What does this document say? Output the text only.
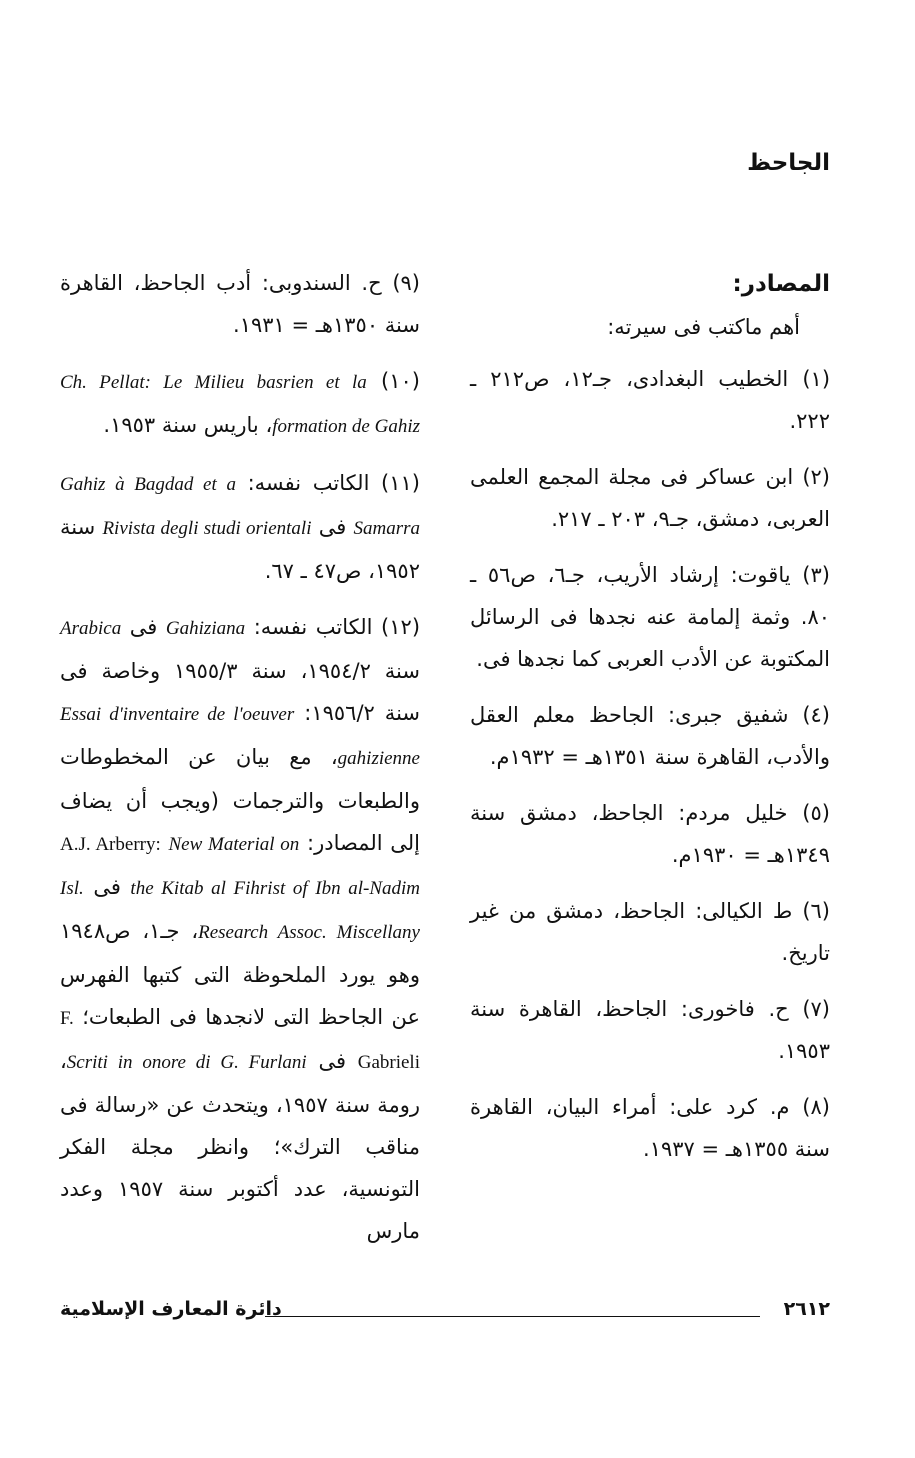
الجاحظ

المصادر:

أهم ماكتب فى سيرته:

(١) الخطيب البغدادى، جـ١٢، ص٢١٢ ـ ٢٢٢.

(٢) ابن عساكر فى مجلة المجمع العلمى العربى، دمشق، جـ٩، ٢٠٣ ـ ٢١٧.

(٣) ياقوت: إرشاد الأريب، جـ٦، ص٥٦ ـ ٨٠. وثمة إلمامة عنه نجدها فى الرسائل المكتوبة عن الأدب العربى كما نجدها فى.

(٤) شفيق جبرى: الجاحظ معلم العقل والأدب، القاهرة سنة ١٣٥١هـ = ١٩٣٢م.

(٥) خليل مردم: الجاحظ، دمشق سنة ١٣٤٩هـ = ١٩٣٠م.

(٦) ط الكيالى: الجاحظ، دمشق من غير تاريخ.

(٧) ح. فاخورى: الجاحظ، القاهرة سنة ١٩٥٣.

(٨) م. كرد على: أمراء البيان، القاهرة سنة ١٣٥٥هـ = ١٩٣٧.

(٩) ح. السندوبى: أدب الجاحظ، القاهرة سنة ١٣٥٠هـ = ١٩٣١.

(١٠) Ch. Pellat: Le Milieu basrien et la formation de Gahiz، باريس سنة ١٩٥٣.

(١١) الكاتب نفسه: Gahiz à Bagdad et a Samarra فى Rivista degli studi orientali سنة ١٩٥٢، ص٤٧ ـ ٦٧.

(١٢) الكاتب نفسه: Gahiziana فى Arabica سنة ١٩٥٤/٢، سنة ١٩٥٥/٣ وخاصة فى سنة ١٩٥٦/٢: Essai d'inventaire de l'oeuver gahizienne، مع بيان عن المخطوطات والطبعات والترجمات (ويجب أن يضاف إلى المصادر: A.J. Arberry: New Material on the Kitab al Fihrist of Ibn al-Nadim فى Isl. Research Assoc. Miscellany، جـ١، ص١٩٤٨ وهو يورد الملحوظة التى كتبها الفهرس عن الجاحظ التى لانجدها فى الطبعات؛ F. Gabrieli فى Scriti in onore di G. Furlani، رومة سنة ١٩٥٧، ويتحدث عن «رسالة فى مناقب الترك»؛ وانظر مجلة الفكر التونسية، عدد أكتوبر سنة ١٩٥٧ وعدد مارس

٢٦١٢
دائرة المعارف الإسلامية
